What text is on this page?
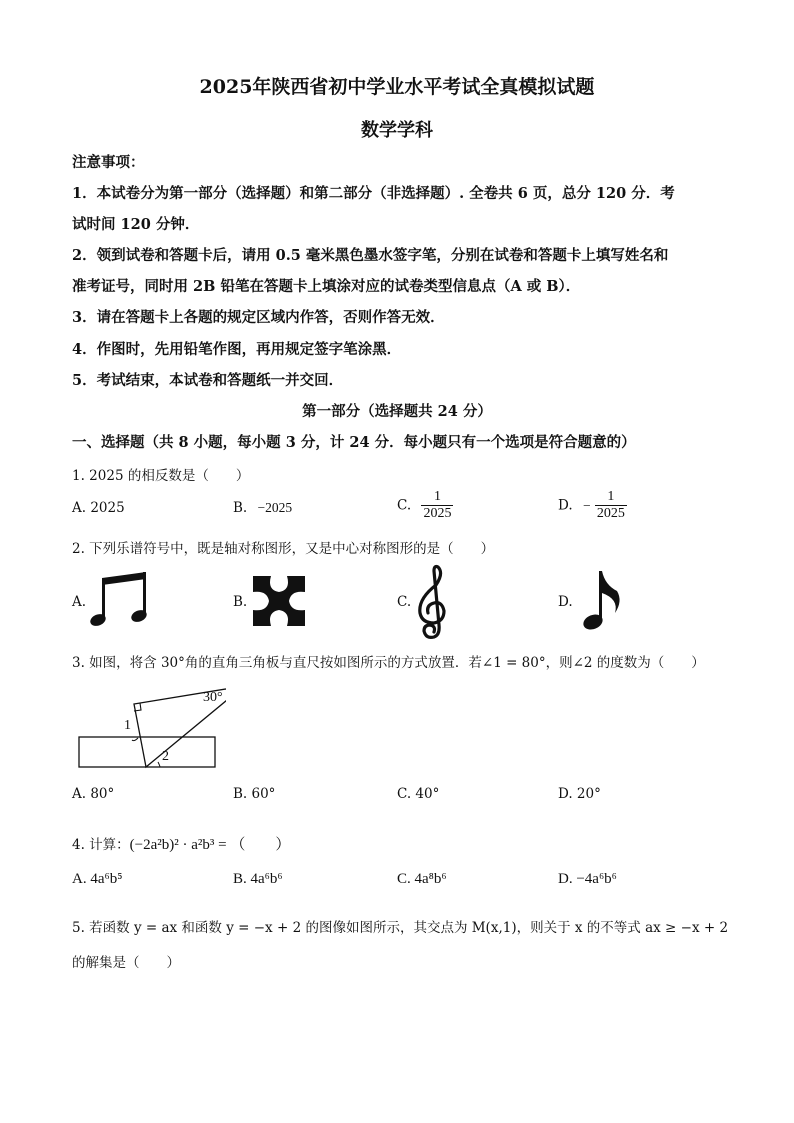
2025年陕西省初中学业水平考试全真模拟试题
数学学科
注意事项：
1．本试卷分为第一部分（选择题）和第二部分（非选择题）. 全卷共 6 页，总分 120 分．考
试时间 120 分钟．
2．领到试卷和答题卡后，请用 0.5 毫米黑色墨水签字笔，分别在试卷和答题卡上填写姓名和
准考证号，同时用 2B 铅笔在答题卡上填涂对应的试卷类型信息点（A 或 B）．
3．请在答题卡上各题的规定区域内作答，否则作答无效．
4．作图时，先用铅笔作图，再用规定签字笔涂黑．
5．考试结束，本试卷和答题纸一并交回．
第一部分（选择题共 24 分）
一、选择题（共 8 小题，每小题 3 分，计 24 分．每小题只有一个选项是符合题意的）
1. 2025 的相反数是（　　）
A. 2025	B. −2025	C. $\frac{1}{2025}$	D. − $\frac{1}{2025}$
2. 下列乐谱符号中，既是轴对称图形，又是中心对称图形的是（　　）
A.	B.	C.	D.
3. 如图，将含 30°角的直角三角板与直尺按如图所示的方式放置．若∠1 = 80°，则∠2 的度数为（　　）
30°
1
2
A. 80°	B. 60°	C. 40°	D. 20°
4. 计算：(−2a²b)² · a²b³ = （　　）
A. 4a⁶b⁵	B. 4a⁶b⁶	C. 4a⁸b⁶	D. −4a⁶b⁶
5. 若函数 y = ax 和函数 y = −x + 2 的图像如图所示，其交点为 M(x,1)，则关于 x 的不等式 ax ≥ −x + 2
的解集是（　　）
